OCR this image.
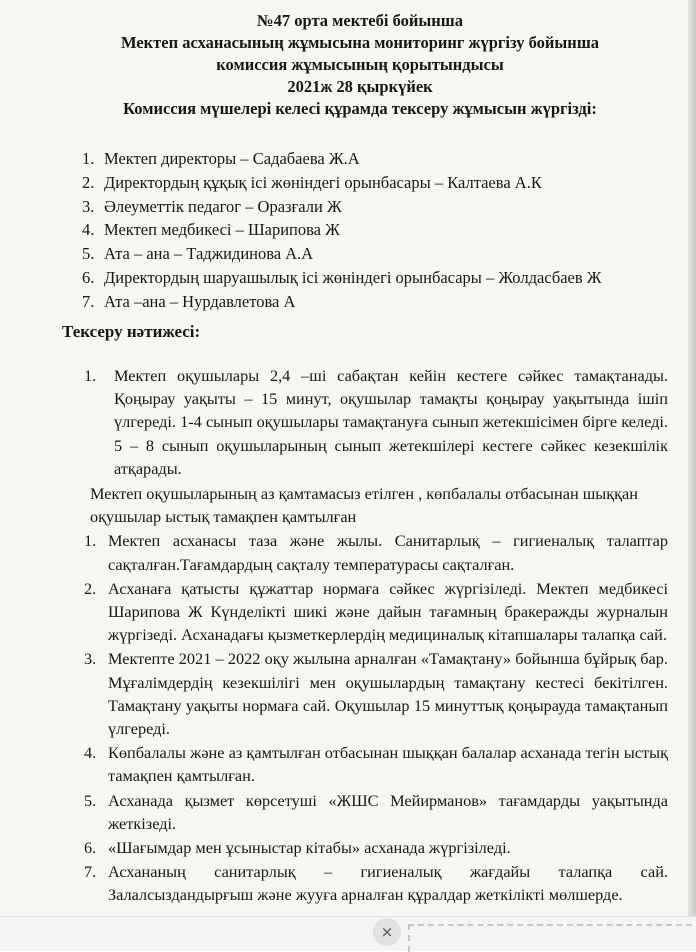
№47 орта мектебі бойынша
Мектеп асханасының жұмысына мониторинг жүргізу бойынша
комиссия жұмысының қорытындысы
2021ж 28 қыркүйек
Комиссия мүшелері келесі құрамда тексеру жұмысын жүргізді:
1. Мектеп директоры – Садабаева Ж.А
2. Директордың құқық ісі жөніндегі орынбасары – Калтаева А.К
3. Әлеуметтік педагог – Оразғали Ж
4. Мектеп медбикесі – Шарипова Ж
5. Ата – ана – Таджидинова А.А
6. Директордың шаруашылық ісі жөніндегі орынбасары – Жолдасбаев Ж
7. Ата –ана – Нурдавлетова А
Тексеру нәтижесі:
1.	Мектеп оқушылары 2,4 –ші сабақтан кейін кестеге сәйкес тамақтанады. Қоңырау уақыты – 15 минут, оқушылар тамақты қоңырау уақытында ішіп үлгереді. 1-4 сынып оқушылары тамақтануға сынып жетекшісімен бірге келеді. 5 – 8 сынып оқушыларының сынып жетекшілері кестеге сәйкес кезекшілік атқарады.
Мектеп оқушыларының аз қамтамасыз етілген , көпбалалы отбасынан шыққан оқушылар ыстық тамақпен қамтылған
1. Мектеп асханасы таза және жылы. Санитарлық – гигиеналық талаптар сақталған.Тағамдардың сақталу температурасы сақталған.
2. Асханаға қатысты құжаттар нормаға сәйкес жүргізіледі. Мектеп медбикесі Шарипова Ж Күнделікті шикі және дайын тағамның бракеражды журналын жүргізеді. Асханадағы қызметкерлердің медициналық кітапшалары талапқа сай.
3. Мектепте 2021 – 2022 оқу жылына арналған «Тамақтану» бойынша бұйрық бар. Мұғалімдердің кезекшілігі мен оқушылардың тамақтану кестесі бекітілген. Тамақтану уақыты нормаға сай. Оқушылар 15 минуттық қоңырауда тамақтанып үлгереді.
4. Көпбалалы және аз қамтылған отбасынан шыққан балалар асханада тегін ыстық тамақпен қамтылған.
5. Асханада қызмет көрсетуші «ЖШС Мейирманов» тағамдарды уақытында жеткізеді.
6. «Шағымдар мен ұсыныстар кітабы» асханада жүргізіледі.
7. Асхананың санитарлық – гигиеналық жағдайы талапқа сай. Залалсыздандырғыш және жууға арналған құралдар жеткілікті мөлшерде.
×
